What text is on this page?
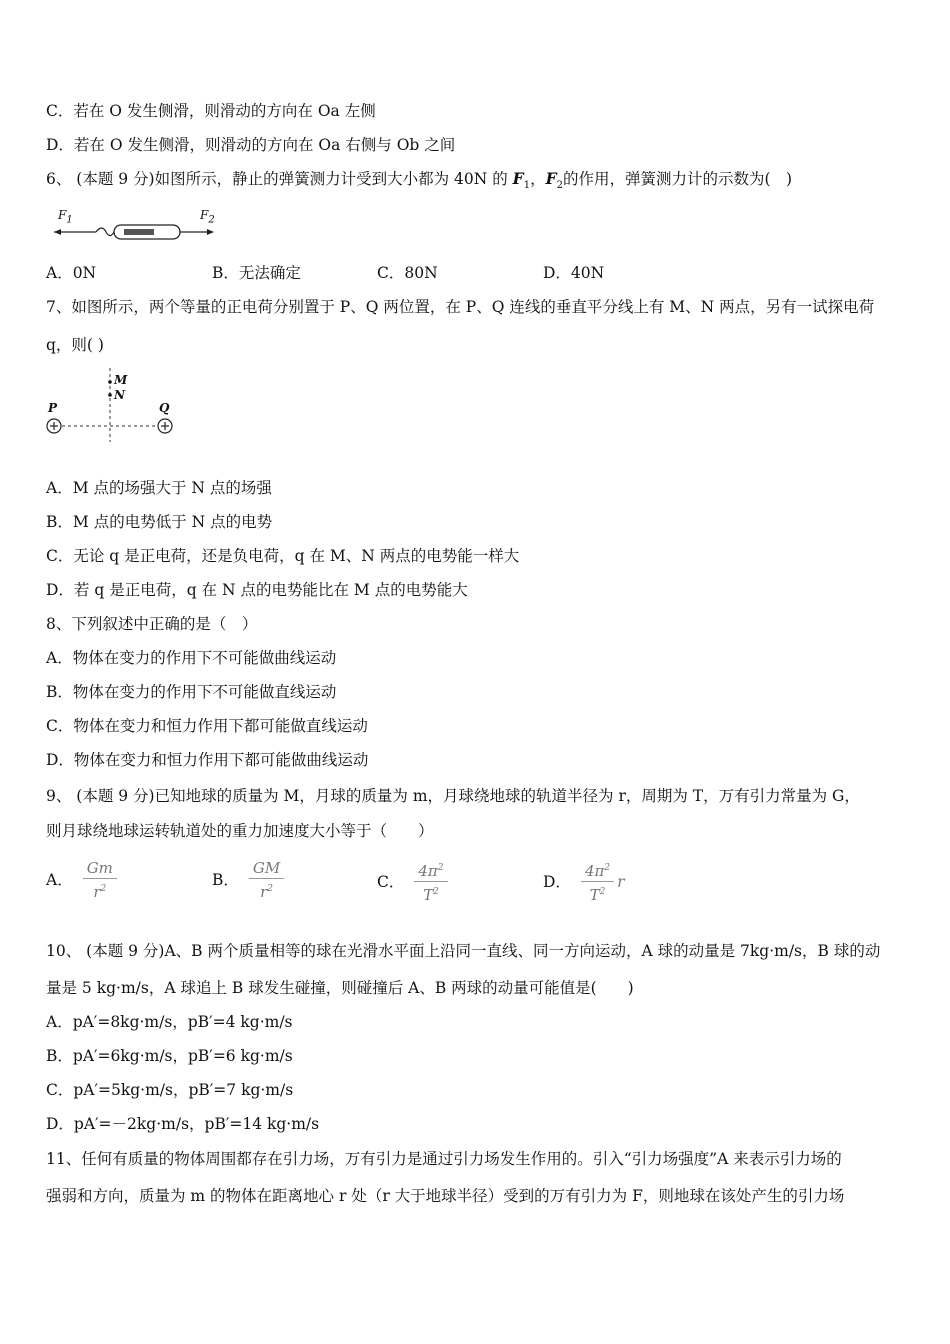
C．若在 O 发生侧滑，则滑动的方向在 Oa 左侧
D．若在 O 发生侧滑，则滑动的方向在 Oa 右侧与 Ob 之间
6、 (本题 9 分)如图所示，静止的弹簧测力计受到大小都为 40N 的 $F_1$，$F_2$的作用，弹簧测力计的示数为(　)
$F_1$	$F_2$
A．0N	B．无法确定	C．80N	D．40N
7、如图所示，两个等量的正电荷分别置于 P、Q 两位置，在 P、Q 连线的垂直平分线上有 M、N 两点，另有一试探电荷
q，则( )
M
N
P	Q
A．M 点的场强大于 N 点的场强
B．M 点的电势低于 N 点的电势
C．无论 q 是正电荷，还是负电荷，q 在 M、N 两点的电势能一样大
D．若 q 是正电荷，q 在 N 点的电势能比在 M 点的电势能大
8、下列叙述中正确的是（　）
A．物体在变力的作用下不可能做曲线运动
B．物体在变力的作用下不可能做直线运动
C．物体在变力和恒力作用下都可能做直线运动
D．物体在变力和恒力作用下都可能做曲线运动
9、 (本题 9 分)已知地球的质量为 M，月球的质量为 m，月球绕地球的轨道半径为 r，周期为 T，万有引力常量为 G，
则月球绕地球运转轨道处的重力加速度大小等于（　　）
A． $\frac{Gm}{r^2}$	B． $\frac{GM}{r^2}$	C． $\frac{4\pi^2}{T^2}$	D． $\frac{4\pi^2}{T^2}$ r
10、 (本题 9 分)A、B 两个质量相等的球在光滑水平面上沿同一直线、同一方向运动，A 球的动量是 7kg·m/s，B 球的动
量是 5 kg·m/s，A 球追上 B 球发生碰撞，则碰撞后 A、B 两球的动量可能值是(　　)
A．pA′=8kg·m/s，pB′=4 kg·m/s
B．pA′=6kg·m/s，pB′=6 kg·m/s
C．pA′=5kg·m/s，pB′=7 kg·m/s
D．pA′=－2kg·m/s，pB′=14 kg·m/s
11、任何有质量的物体周围都存在引力场，万有引力是通过引力场发生作用的。引入“引力场强度”A 来表示引力场的
强弱和方向，质量为 m 的物体在距离地心 r 处（r 大于地球半径）受到的万有引力为 F，则地球在该处产生的引力场
